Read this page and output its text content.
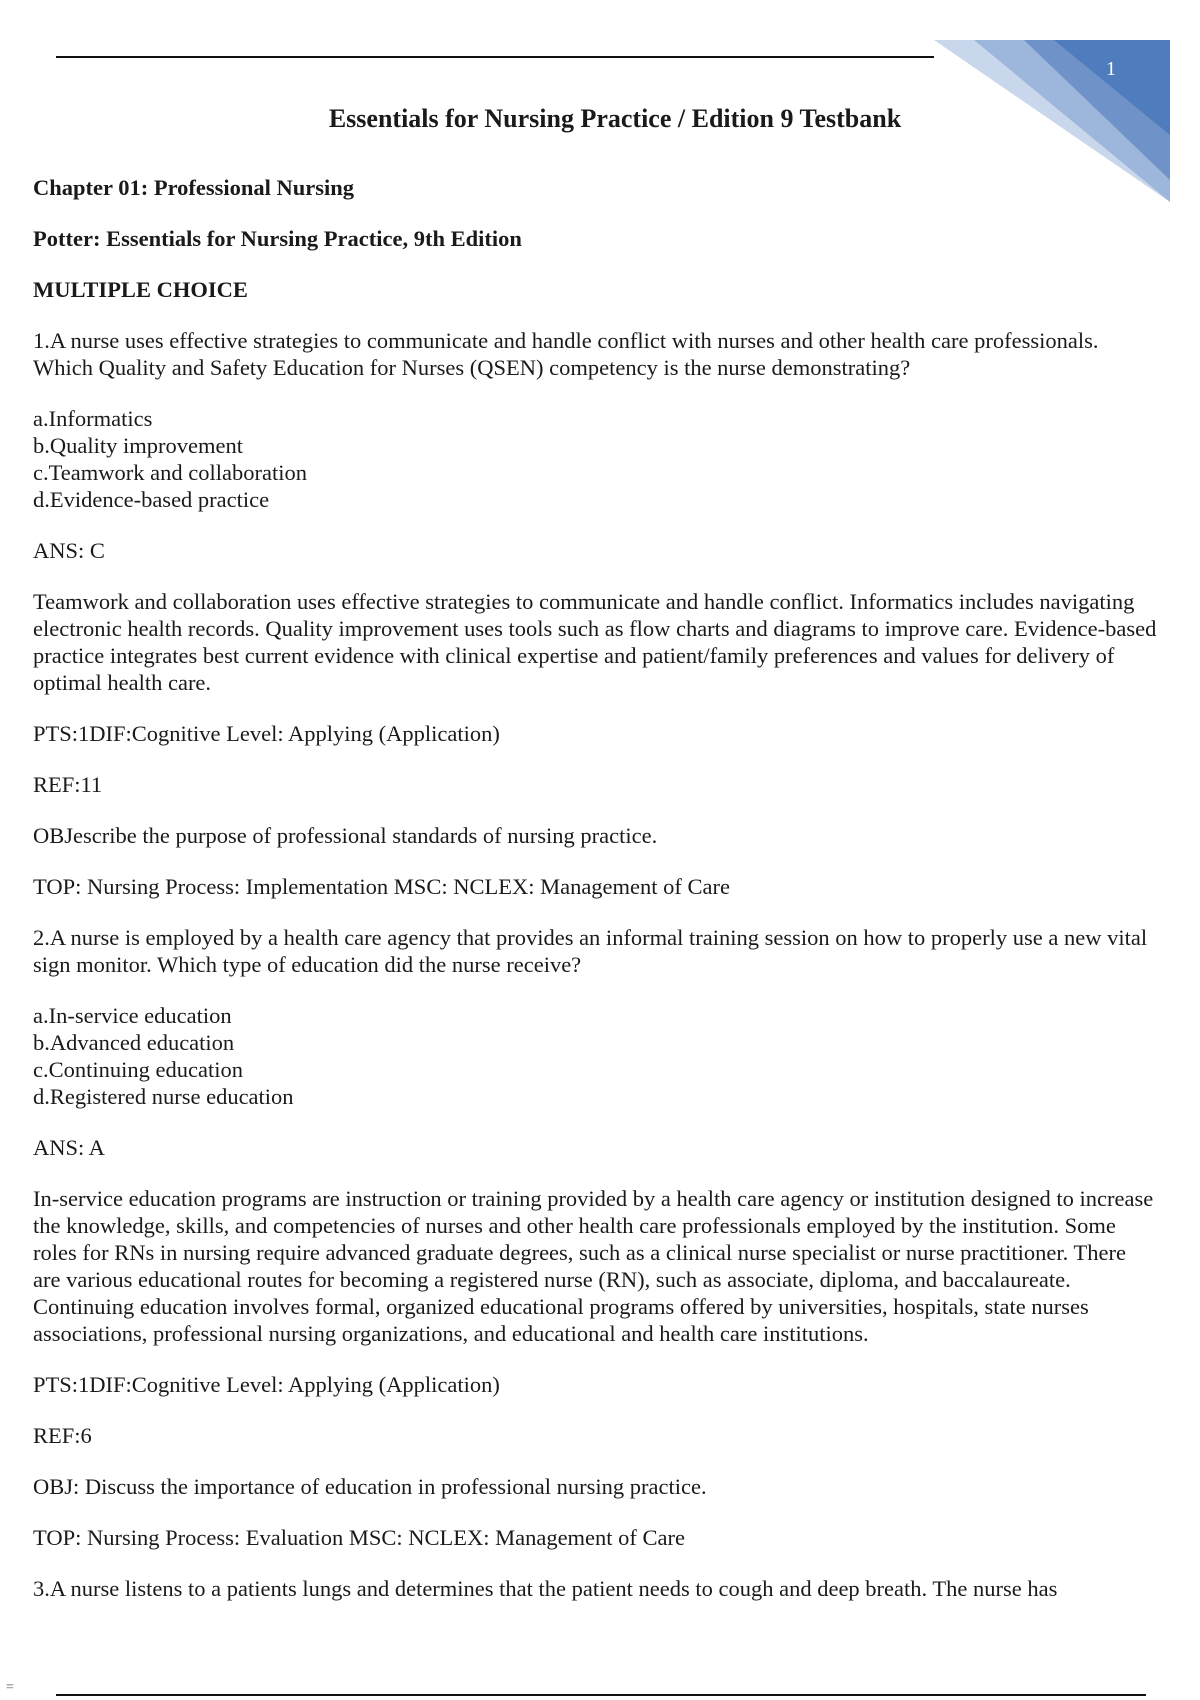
1
Essentials for Nursing Practice / Edition 9 Testbank

Chapter 01: Professional Nursing

Potter: Essentials for Nursing Practice, 9th Edition

MULTIPLE CHOICE

1.A nurse uses effective strategies to communicate and handle conflict with nurses and other health care professionals. Which Quality and Safety Education for Nurses (QSEN) competency is the nurse demonstrating?

a.Informatics
b.Quality improvement
c.Teamwork and collaboration
d.Evidence-based practice

ANS: C

Teamwork and collaboration uses effective strategies to communicate and handle conflict. Informatics includes navigating electronic health records. Quality improvement uses tools such as flow charts and diagrams to improve care. Evidence-based practice integrates best current evidence with clinical expertise and patient/family preferences and values for delivery of optimal health care.

PTS:1DIF:Cognitive Level: Applying (Application)

REF:11

OBJescribe the purpose of professional standards of nursing practice.

TOP: Nursing Process: Implementation MSC: NCLEX: Management of Care

2.A nurse is employed by a health care agency that provides an informal training session on how to properly use a new vital sign monitor. Which type of education did the nurse receive?

a.In-service education
b.Advanced education
c.Continuing education
d.Registered nurse education

ANS: A

In-service education programs are instruction or training provided by a health care agency or institution designed to increase the knowledge, skills, and competencies of nurses and other health care professionals employed by the institution. Some roles for RNs in nursing require advanced graduate degrees, such as a clinical nurse specialist or nurse practitioner. There are various educational routes for becoming a registered nurse (RN), such as associate, diploma, and baccalaureate. Continuing education involves formal, organized educational programs offered by universities, hospitals, state nurses associations, professional nursing organizations, and educational and health care institutions.

PTS:1DIF:Cognitive Level: Applying (Application)

REF:6

OBJ: Discuss the importance of education in professional nursing practice.

TOP: Nursing Process: Evaluation MSC: NCLEX: Management of Care

3.A nurse listens to a patients lungs and determines that the patient needs to cough and deep breath. The nurse has

=
